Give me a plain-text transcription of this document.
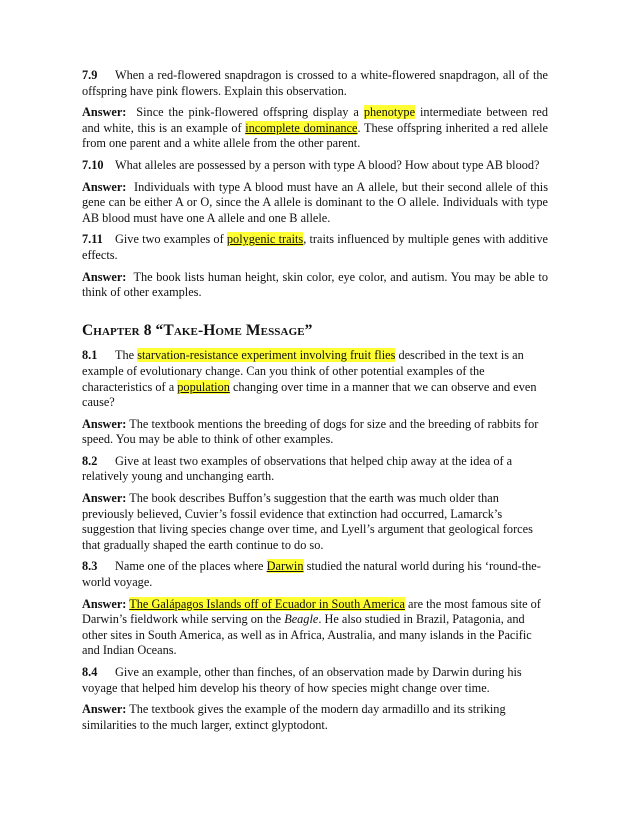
7.9 When a red-flowered snapdragon is crossed to a white-flowered snapdragon, all of the offspring have pink flowers. Explain this observation.

Answer: Since the pink-flowered offspring display a phenotype intermediate between red and white, this is an example of incomplete dominance. These offspring inherited a red allele from one parent and a white allele from the other parent.

7.10 What alleles are possessed by a person with type A blood? How about type AB blood?

Answer: Individuals with type A blood must have an A allele, but their second allele of this gene can be either A or O, since the A allele is dominant to the O allele. Individuals with type AB blood must have one A allele and one B allele.

7.11 Give two examples of polygenic traits, traits influenced by multiple genes with additive effects.

Answer: The book lists human height, skin color, eye color, and autism. You may be able to think of other examples.

Chapter 8 “Take-Home Message”

8.1 The starvation-resistance experiment involving fruit flies described in the text is an example of evolutionary change. Can you think of other potential examples of the characteristics of a population changing over time in a manner that we can observe and even cause?

Answer: The textbook mentions the breeding of dogs for size and the breeding of rabbits for speed. You may be able to think of other examples.

8.2 Give at least two examples of observations that helped chip away at the idea of a relatively young and unchanging earth.

Answer: The book describes Buffon’s suggestion that the earth was much older than previously believed, Cuvier’s fossil evidence that extinction had occurred, Lamarck’s suggestion that living species change over time, and Lyell’s argument that geological forces that gradually shaped the earth continue to do so.

8.3 Name one of the places where Darwin studied the natural world during his ‘round-the-world voyage.

Answer: The Galápagos Islands off of Ecuador in South America are the most famous site of Darwin’s fieldwork while serving on the Beagle. He also studied in Brazil, Patagonia, and other sites in South America, as well as in Africa, Australia, and many islands in the Pacific and Indian Oceans.

8.4 Give an example, other than finches, of an observation made by Darwin during his voyage that helped him develop his theory of how species might change over time.

Answer: The textbook gives the example of the modern day armadillo and its striking similarities to the much larger, extinct glyptodont.
